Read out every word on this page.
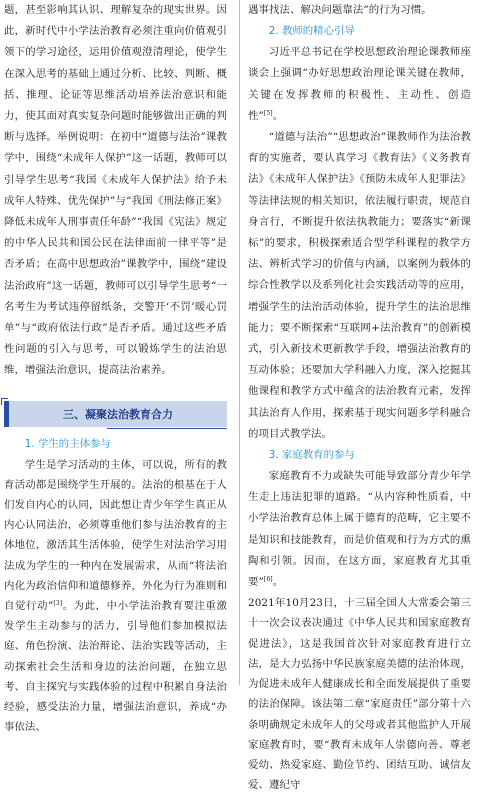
题，甚至影响其认识、理解复杂的现实世界。因此，新时代中小学法治教育必须注重向价值观引领下的学习途径，运用价值观澄清理论，使学生在深入思考的基础上通过分析、比较、判断、概括、推理、论证等思维活动培养法治意识和能力，使其面对真实复杂问题时能够做出正确的判断与选择。举例说明：在初中“道德与法治”课教学中，围绕“未成年人保护”这一话题，教师可以引导学生思考“我国《未成年人保护法》给予未成年人特殊、优先保护”与“我国《刑法修正案》降低未成年人刑事责任年龄”“我国《宪法》规定的中华人民共和国公民在法律面前一律平等”是否矛盾；在高中思想政治”课教学中，围绕“建设法治政府”这一话题，教师可以引导学生思考“一名考生为考试违停留纸条，交警开‘不罚’暖心罚单”与“政府依法行政”是否矛盾。通过这些矛盾性问题的引入与思考，可以锻炼学生的法治思维，增强法治意识，提高法治素养。

三、凝聚法治教育合力
1. 学生的主体参与

学生是学习活动的主体，可以说，所有的教育活动都是围绕学生开展的。法治的根基在于人们发自内心的认同，因此想让青少年学生真正从内心认同法治，必须尊重他们参与法治教育的主体地位，激活其生活体验，使学生对法治学习用法成为学生的一种内在发展需求，从而“将法治内化为政治信仰和道德修养，外化为行为准则和自觉行动”[3]。为此，中小学法治教育要注重激发学生主动参与的活力，引导他们参加模拟法庭、角色扮演、法治辩论、法治实践等活动，主动探索社会生活和身边的法治问题，在独立思考、自主探究与实践体验的过程中积累自身法治经验，感受法治力量，增强法治意识，养成“办事依法、

遇事找法、解决问题靠法”的行为习惯。

2. 教师的精心引导

习近平总书记在学校思想政治理论课教师座谈会上强调“办好思想政治理论课关键在教师，关键在发挥教师的积极性、主动性、创造性”[5]。

“道德与法治”“思想政治”课教师作为法治教育的实施者，要认真学习《教育法》《义务教育法》《未成年人保护法》《预防未成年人犯罪法》等法律法规的相关知识，依法履行职责，规范自身言行，不断提升依法执教能力；要落实“新课标”的要求，积极探索适合型学科课程的教学方法、辨析式学习的价值与内涵，以案例为载体的综合性教学以及系列化社会实践活动等的应用，增强学生的法治活动体验，提升学生的法治思维能力；要不断探索“互联网+法治教育”的创新模式，引入新技术更新教学手段，增强法治教育的互动体验；还要加大学科融入力度，深入挖掘其他课程和教学方式中蕴含的法治教育元素，发挥其法治育人作用，探索基于现实问题多学科融合的项目式教学法。

3. 家庭教育的参与

家庭教育不力或缺失可能导致部分青少年学生走上违法犯罪的道路。“从内容种性质看，中小学法治教育总体上属于德育的范畴，它主要不是知识和技能教育，而是价值观和行为方式的熏陶和引领。因而，在这方面，家庭教育尤其重要”[6]。

2021年10月23日，十三届全国人大常委会第三十一次会议表决通过《中华人民共和国家庭教育促进法》，这是我国首次针对家庭教育进行立法，是大力弘扬中华民族家庭美德的法治体现，为促进未成年人健康成长和全面发展提供了重要的法治保障。该法第二章“家庭责任”部分第十六条明确规定未成年人的父母或者其他监护人开展家庭教育时，要“教育未成年人崇德向善、尊老爱幼、热爱家庭、勤俭节约、团结互助、诚信友爱、遵纪守
